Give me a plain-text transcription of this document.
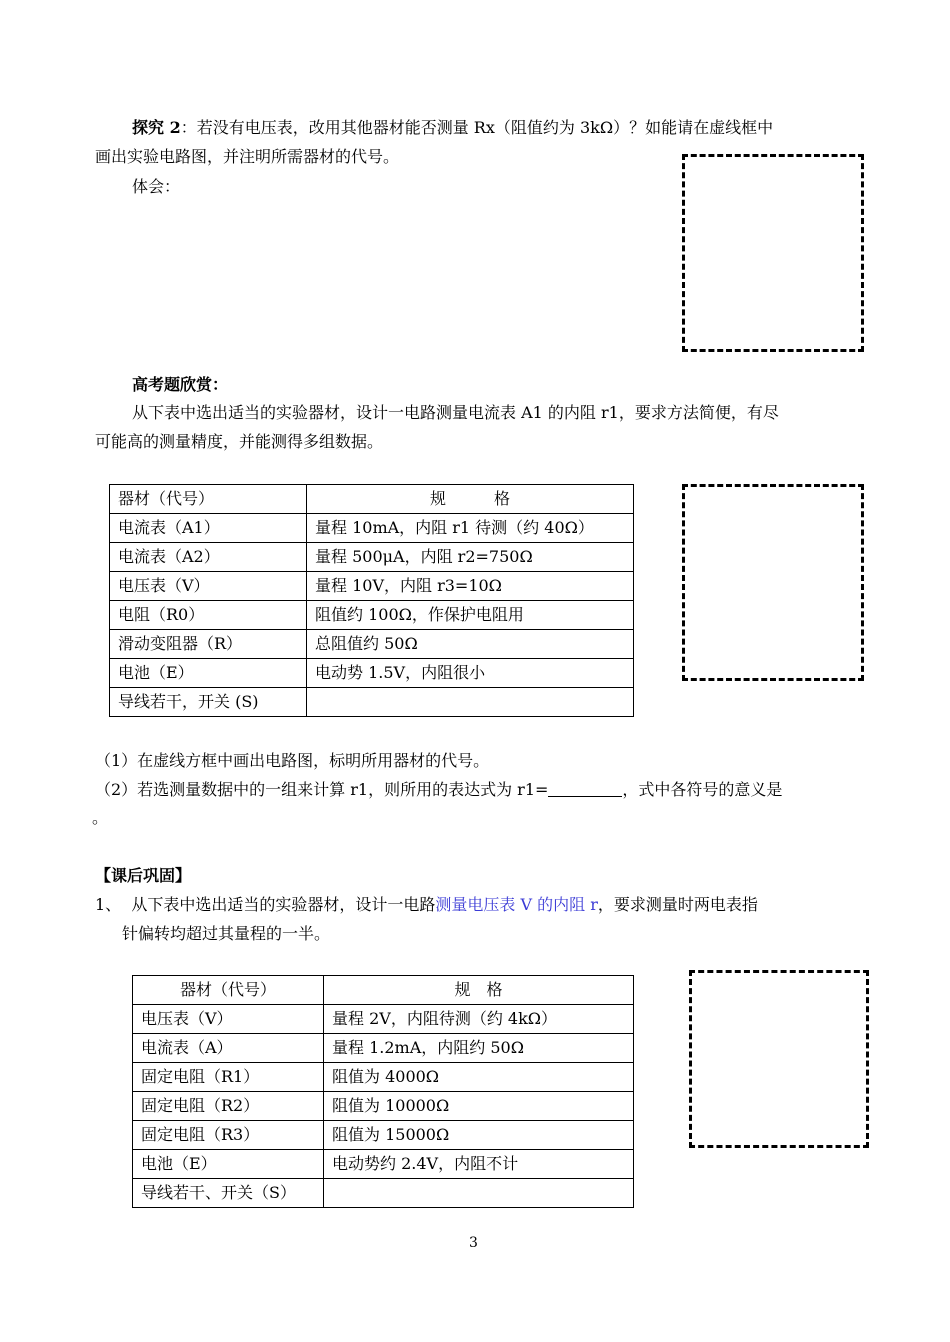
探究 2：若没有电压表，改用其他器材能否测量 Rx（阻值约为 3kΩ）？如能请在虚线框中
画出实验电路图，并注明所需器材的代号。
体会：
高考题欣赏：
从下表中选出适当的实验器材，设计一电路测量电流表 A1 的内阻 r1，要求方法简便，有尽
可能高的测量精度，并能测得多组数据。
器材（代号）	规　　　格
电流表（A1）	量程 10mA，内阻 r1 待测（约 40Ω）
电流表（A2）	量程 500μA，内阻 r2=750Ω
电压表（V）	量程 10V，内阻 r3=10Ω
电阻（R0）	阻值约 100Ω，作保护电阻用
滑动变阻器（R）	总阻值约 50Ω
电池（E）	电动势 1.5V，内阻很小
导线若干，开关 (S)	
（1）在虚线方框中画出电路图，标明所用器材的代号。
（2）若选测量数据中的一组来计算 r1，则所用的表达式为 r1=	，式中各符号的意义是
。
【课后巩固】
1、 从下表中选出适当的实验器材，设计一电路测量电压表 V 的内阻 r，要求测量时两电表指
针偏转均超过其量程的一半。
器材（代号）	规　格
电压表（V）	量程 2V，内阻待测（约 4kΩ）
电流表（A）	量程 1.2mA，内阻约 50Ω
固定电阻（R1）	阻值为 4000Ω
固定电阻（R2）	阻值为 10000Ω
固定电阻（R3）	阻值为 15000Ω
电池（E）	电动势约 2.4V，内阻不计
导线若干、开关（S）	
3
